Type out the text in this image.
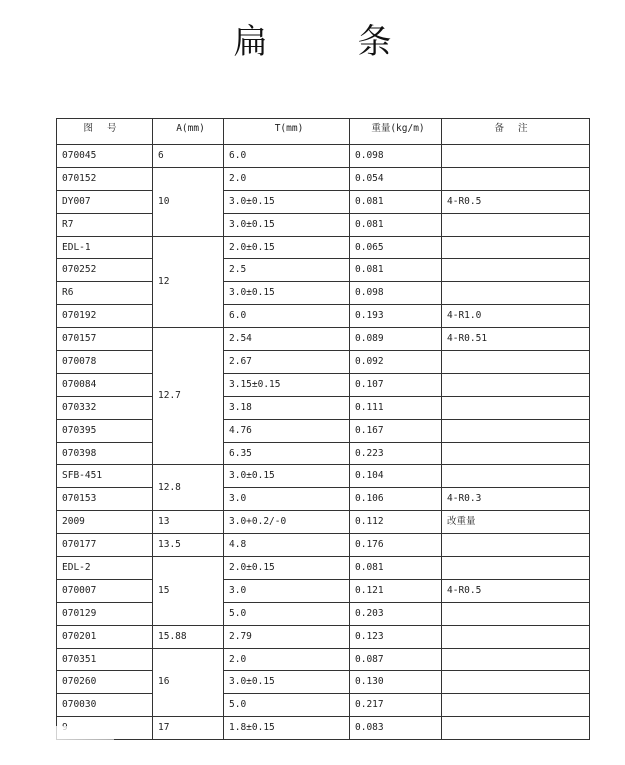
扁　条
图号	A(mm)	T(mm)	重量(kg/m)	备注
070045	6	6.0	0.098	
070152	10	2.0	0.054	
DY007		3.0±0.15	0.081	4-R0.5
R7		3.0±0.15	0.081	
EDL-1	12	2.0±0.15	0.065	
070252		2.5	0.081	
R6		3.0±0.15	0.098	
070192		6.0	0.193	4-R1.0
070157	12.7	2.54	0.089	4-R0.51
070078		2.67	0.092	
070084		3.15±0.15	0.107	
070332		3.18	0.111	
070395		4.76	0.167	
070398		6.35	0.223	
SFB-451	12.8	3.0±0.15	0.104	
070153		3.0	0.106	4-R0.3
2009	13	3.0+0.2/-0	0.112	改重量
070177	13.5	4.8	0.176	
EDL-2	15	2.0±0.15	0.081	
070007		3.0	0.121	4-R0.5
070129		5.0	0.203	
070201	15.88	2.79	0.123	
070351	16	2.0	0.087	
070260		3.0±0.15	0.130	
070030		5.0	0.217	
	17	1.8±0.15	0.083	
